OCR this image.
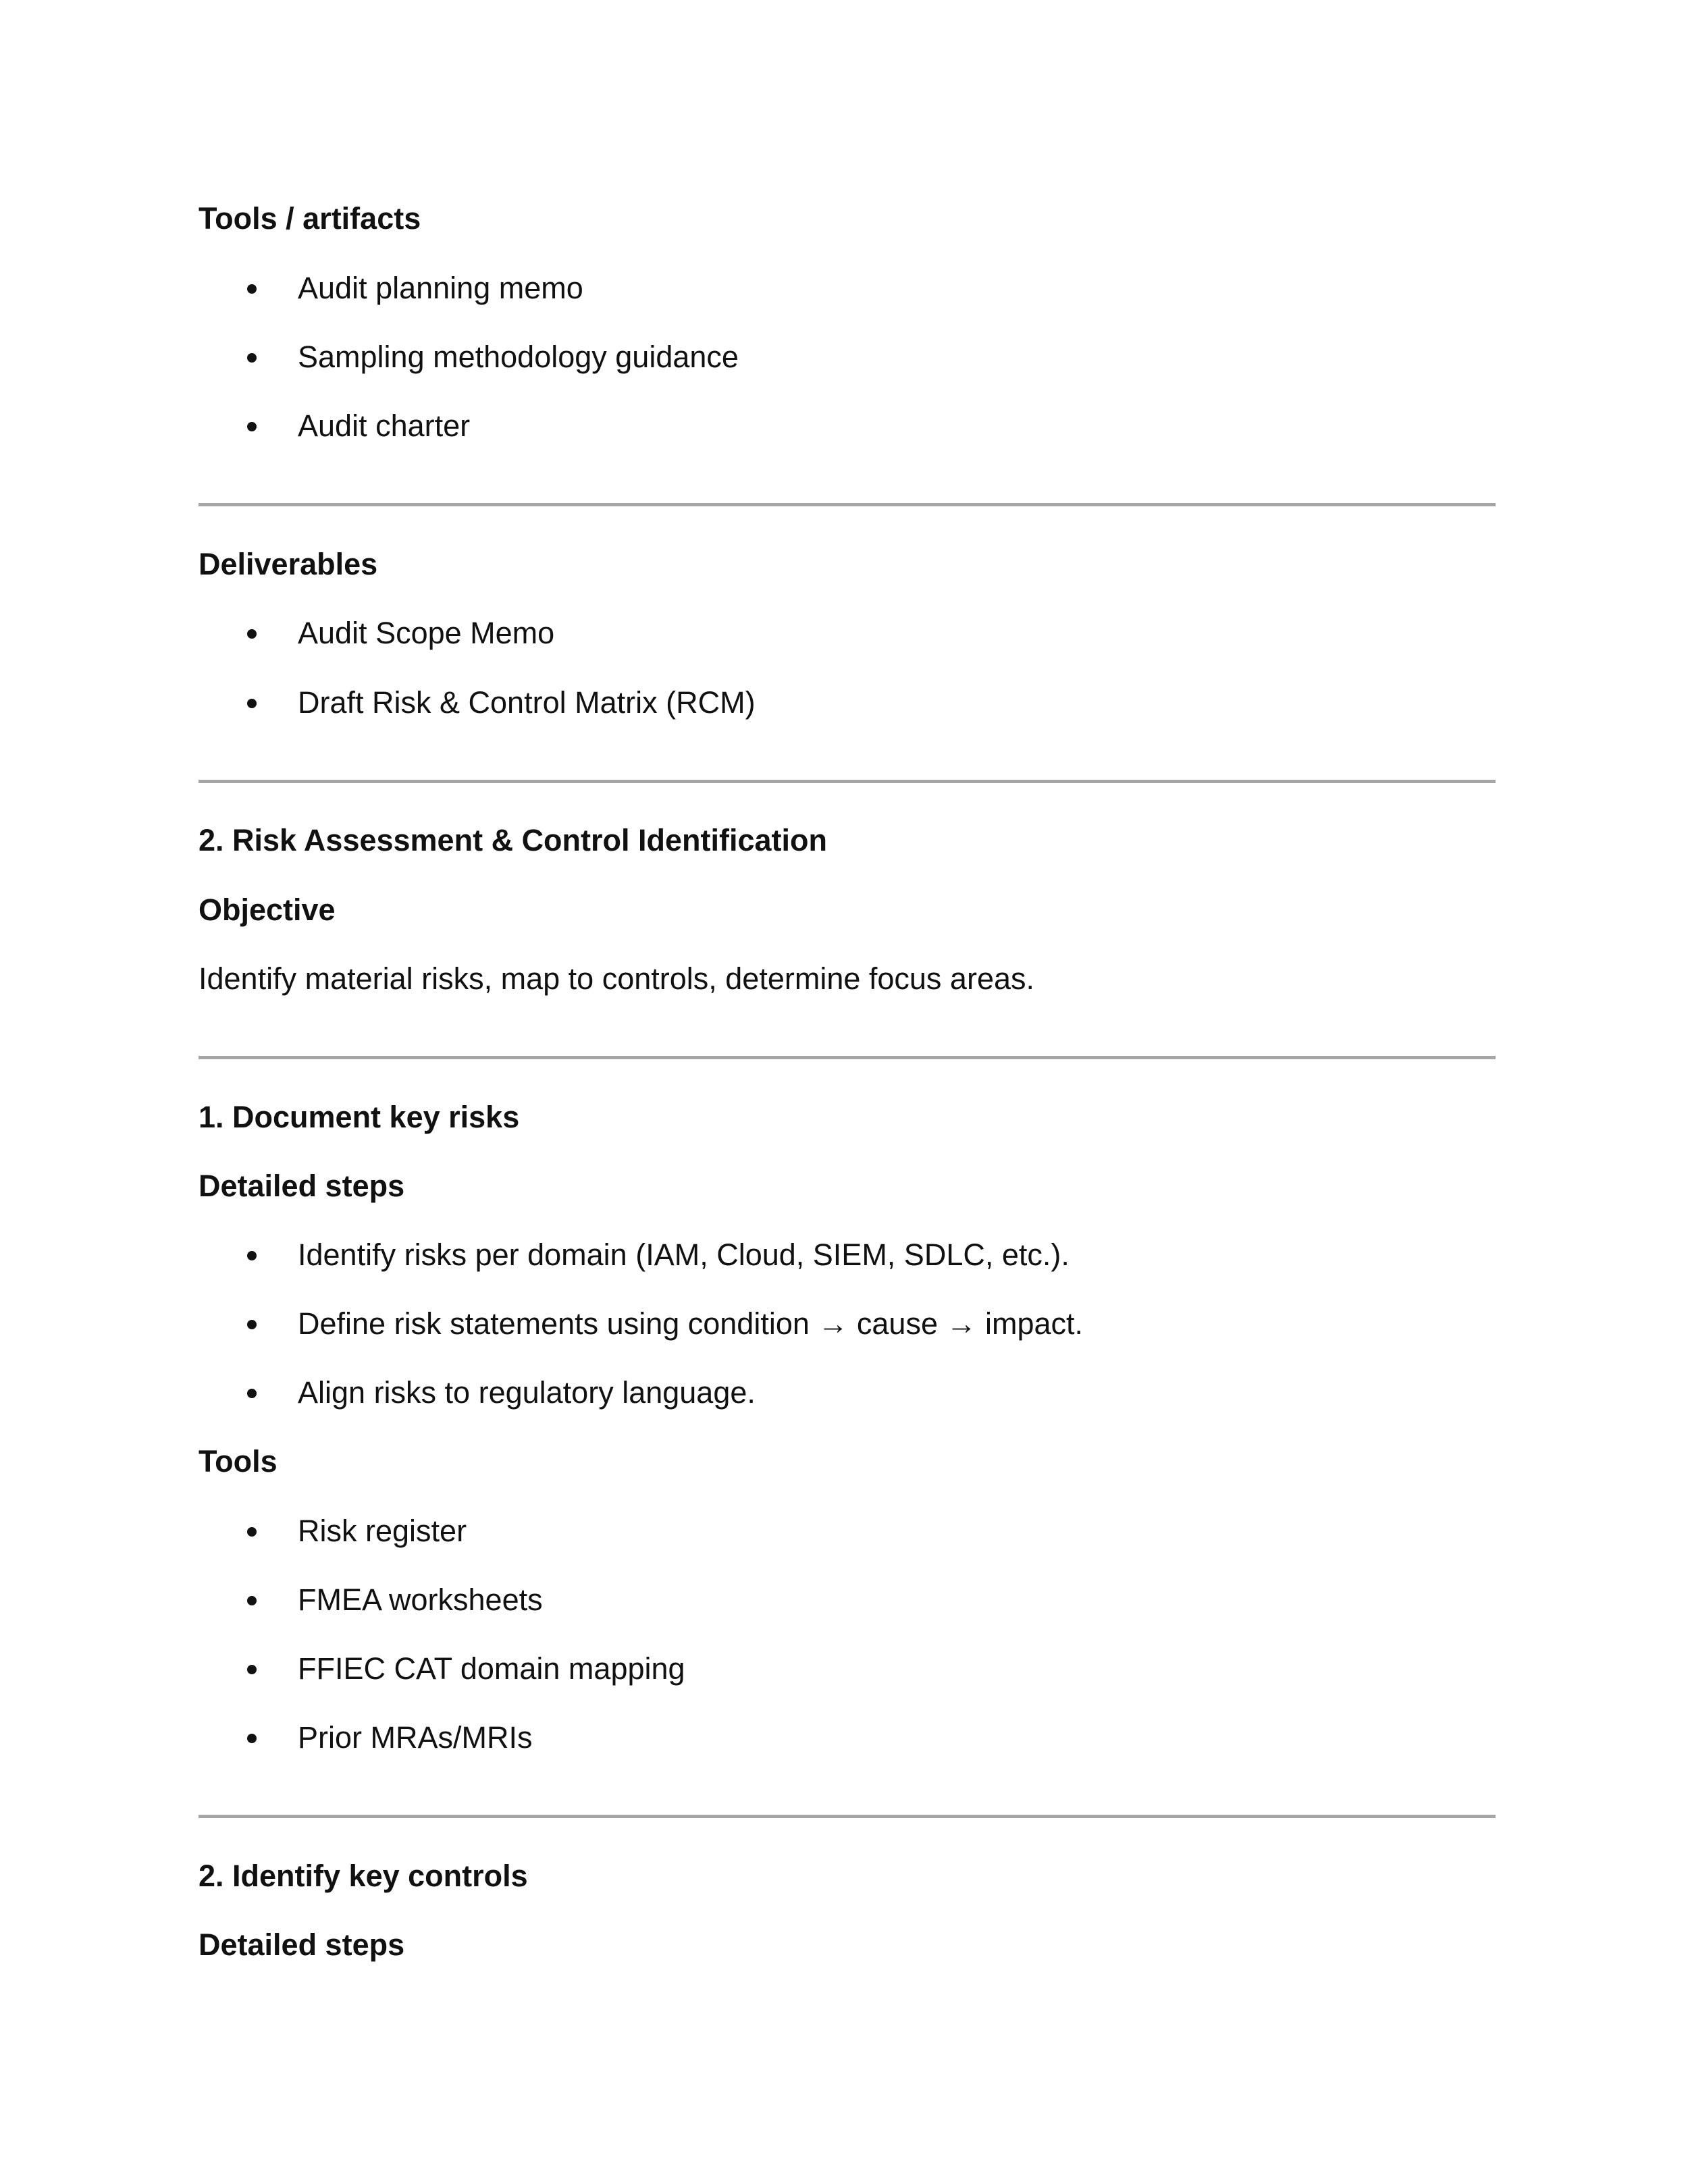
Tools / artifacts

Audit planning memo

Sampling methodology guidance

Audit charter

Deliverables

Audit Scope Memo

Draft Risk & Control Matrix (RCM)

2. Risk Assessment & Control Identification
Objective

Identify material risks, map to controls, determine focus areas.

1. Document key risks
Detailed steps

Identify risks per domain (IAM, Cloud, SIEM, SDLC, etc.).

Define risk statements using condition → cause → impact.

Align risks to regulatory language.

Tools

Risk register

FMEA worksheets

FFIEC CAT domain mapping

Prior MRAs/MRIs

2. Identify key controls
Detailed steps
